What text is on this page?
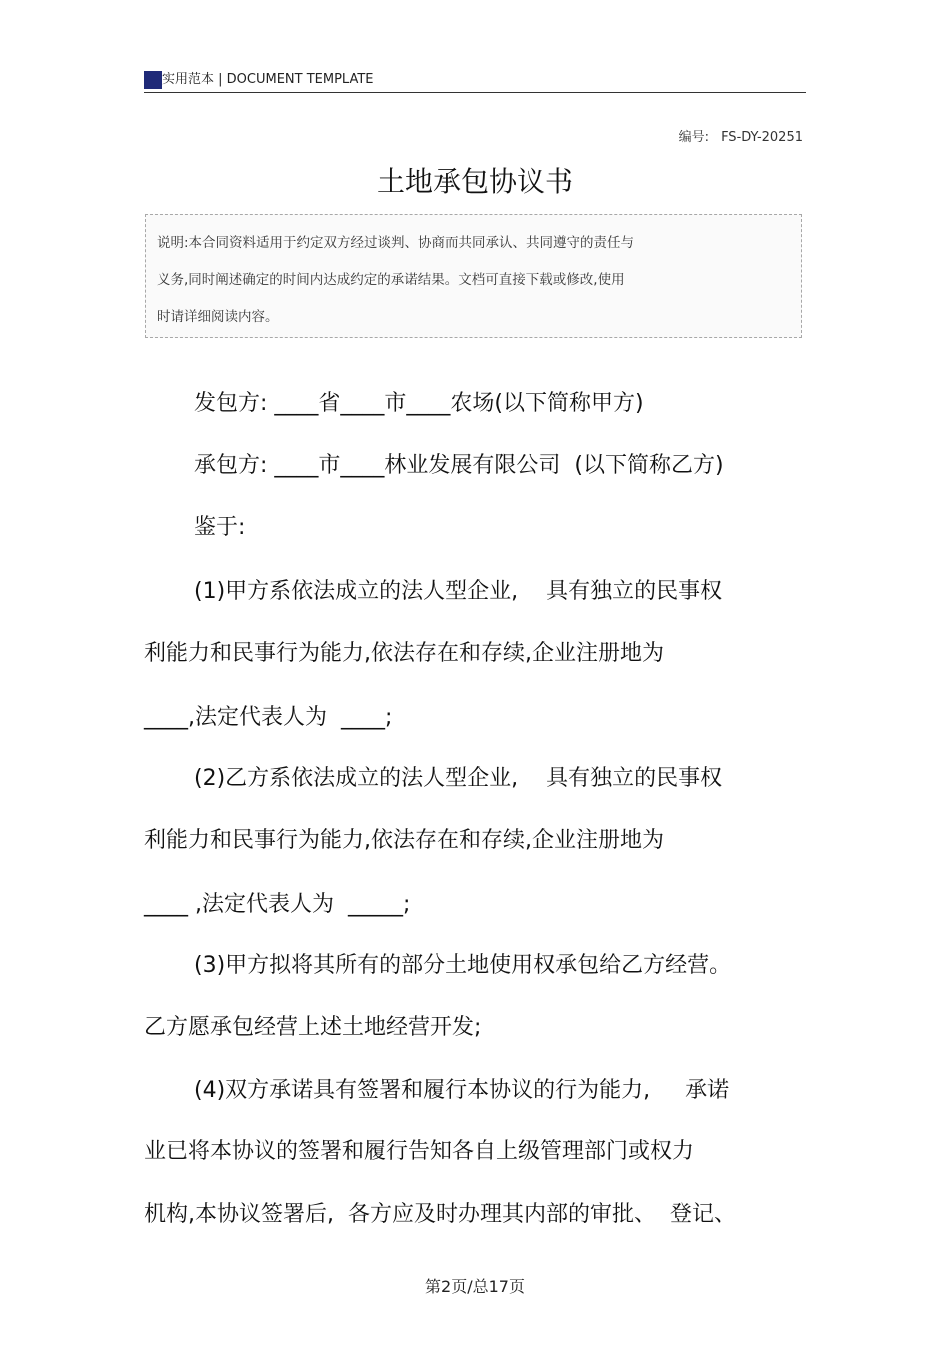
实用范本 | DOCUMENT TEMPLATE
编号: FS-DY-20251
土地承包协议书
说明:本合同资料适用于约定双方经过谈判、协商而共同承认、共同遵守的责任与
义务,同时阐述确定的时间内达成约定的承诺结果。文档可直接下载或修改,使用
时请详细阅读内容。
发包方: ____省____市____农场(以下简称甲方)
承包方: ____市____林业发展有限公司  (以下简称乙方)
鉴于:
(1)甲方系依法成立的法人型企业,    具有独立的民事权
利能力和民事行为能力,依法存在和存续,企业注册地为
____,法定代表人为  ____;
(2)乙方系依法成立的法人型企业,    具有独立的民事权
利能力和民事行为能力,依法存在和存续,企业注册地为
____ ,法定代表人为  _____;
(3)甲方拟将其所有的部分土地使用权承包给乙方经营。
乙方愿承包经营上述土地经营开发;
(4)双方承诺具有签署和履行本协议的行为能力,     承诺
业已将本协议的签署和履行告知各自上级管理部门或权力
机构,本协议签署后,  各方应及时办理其内部的审批、  登记、
第2页/总17页
